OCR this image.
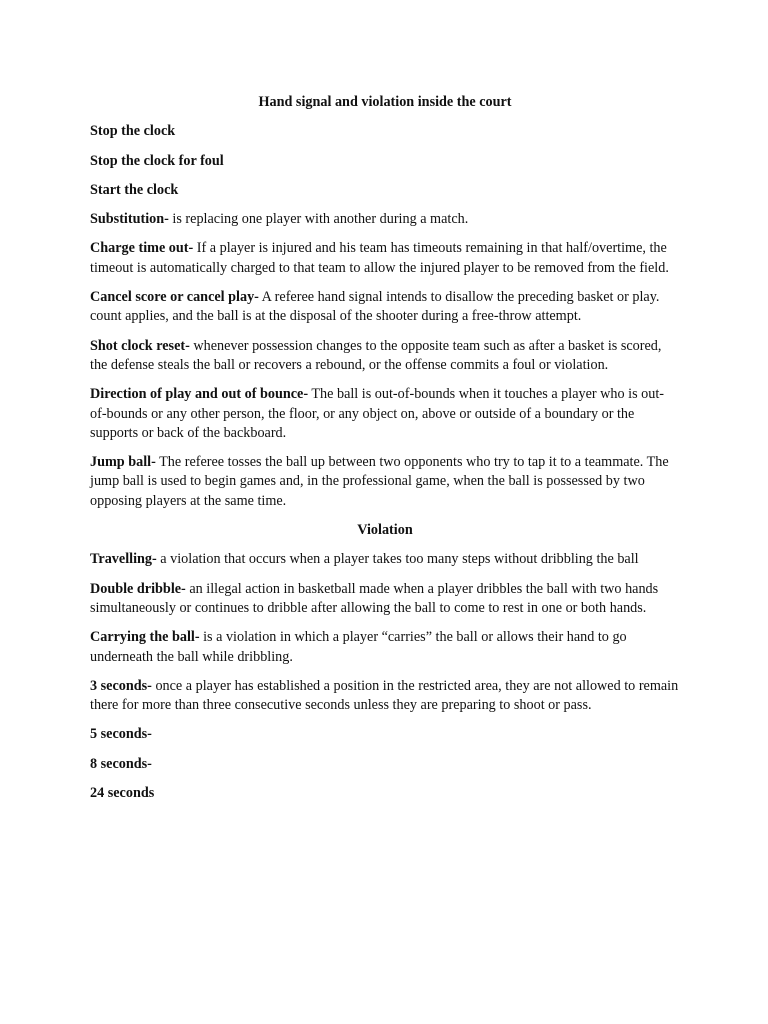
Hand signal and violation inside the court

Stop the clock

Stop the clock for foul

Start the clock

Substitution- is replacing one player with another during a match.

Charge time out- If a player is injured and his team has timeouts remaining in that half/overtime, the timeout is automatically charged to that team to allow the injured player to be removed from the field.

Cancel score or cancel play- A referee hand signal intends to disallow the preceding basket or play. count applies, and the ball is at the disposal of the shooter during a free-throw attempt.

Shot clock reset- whenever possession changes to the opposite team such as after a basket is scored, the defense steals the ball or recovers a rebound, or the offense commits a foul or violation.

Direction of play and out of bounce- The ball is out-of-bounds when it touches a player who is out-of-bounds or any other person, the floor, or any object on, above or outside of a boundary or the supports or back of the backboard.

Jump ball- The referee tosses the ball up between two opponents who try to tap it to a teammate. The jump ball is used to begin games and, in the professional game, when the ball is possessed by two opposing players at the same time.

Violation

Travelling- a violation that occurs when a player takes too many steps without dribbling the ball

Double dribble- an illegal action in basketball made when a player dribbles the ball with two hands simultaneously or continues to dribble after allowing the ball to come to rest in one or both hands.

Carrying the ball- is a violation in which a player “carries” the ball or allows their hand to go underneath the ball while dribbling.

3 seconds- once a player has established a position in the restricted area, they are not allowed to remain there for more than three consecutive seconds unless they are preparing to shoot or pass.

5 seconds-

8 seconds-

24 seconds
